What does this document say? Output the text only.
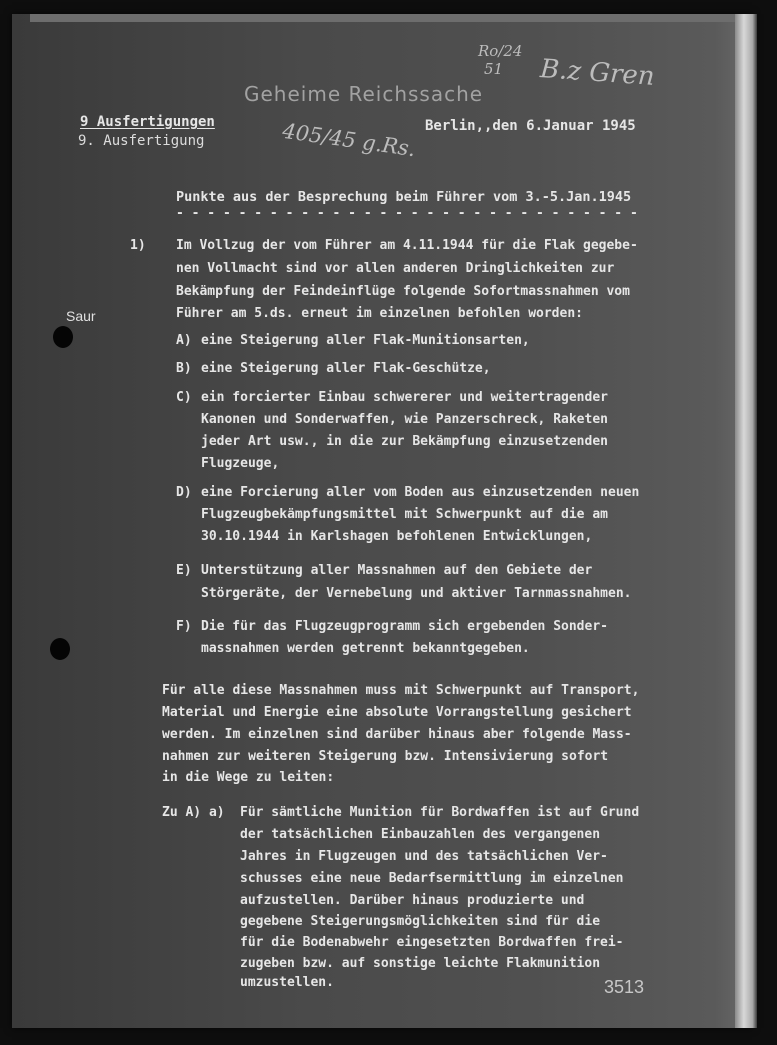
Geheime Reichssache
Ro/24
51 B.z Gren
9 Ausfertigungen
9. Ausfertigung	405/45 g.Rs. Berlin,,den 6.Januar 1945
Punkte aus der Besprechung beim Führer vom 3.-5.Jan.1945
- - - - - - - - - - - - - - - - - - - - - - - - - - - - - -
Saur
1) Im Vollzug der vom Führer am 4.11.1944 für die Flak gegebe-
nen Vollmacht sind vor allen anderen Dringlichkeiten zur
Bekämpfung der Feindeinflüge folgende Sofortmassnahmen vom
Führer am 5.ds. erneut im einzelnen befohlen worden:
A) eine Steigerung aller Flak-Munitionsarten,
B) eine Steigerung aller Flak-Geschütze,
C) ein forcierter Einbau schwererer und weitertragender
Kanonen und Sonderwaffen, wie Panzerschreck, Raketen
jeder Art usw., in die zur Bekämpfung einzusetzenden
Flugzeuge,
D) eine Forcierung aller vom Boden aus einzusetzenden neuen
Flugzeugbekämpfungsmittel mit Schwerpunkt auf die am
30.10.1944 in Karlshagen befohlenen Entwicklungen,
E) Unterstützung aller Massnahmen auf den Gebiete der
Störgeräte, der Vernebelung und aktiver Tarnmassnahmen.
F) Die für das Flugzeugprogramm sich ergebenden Sonder-
massnahmen werden getrennt bekanntgegeben.
Für alle diese Massnahmen muss mit Schwerpunkt auf Transport,
Material und Energie eine absolute Vorrangstellung gesichert
werden. Im einzelnen sind darüber hinaus aber folgende Mass-
nahmen zur weiteren Steigerung bzw. Intensivierung sofort
in die Wege zu leiten:
Zu A) a) Für sämtliche Munition für Bordwaffen ist auf Grund
der tatsächlichen Einbauzahlen des vergangenen
Jahres in Flugzeugen und des tatsächlichen Ver-
schusses eine neue Bedarfsermittlung im einzelnen
aufzustellen. Darüber hinaus produzierte und
gegebene Steigerungsmöglichkeiten sind für die
für die Bodenabwehr eingesetzten Bordwaffen frei-
zugeben bzw. auf sonstige leichte Flakmunition
umzustellen.	3513
